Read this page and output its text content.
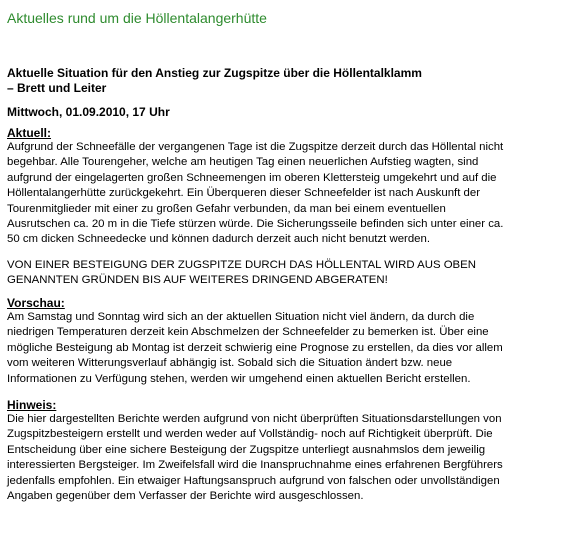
Aktuelles rund um die Höllentalangerhütte
Aktuelle Situation für den Anstieg zur Zugspitze über die Höllentalklamm
– Brett und Leiter
Mittwoch, 01.09.2010, 17 Uhr
Aktuell:

Aufgrund der Schneefälle der vergangenen Tage ist die Zugspitze derzeit durch das Höllental nicht
begehbar. Alle Tourengeher, welche am heutigen Tag einen neuerlichen Aufstieg wagten, sind
aufgrund der eingelagerten großen Schneemengen im oberen Klettersteig umgekehrt und auf die
Höllentalangerhütte zurückgekehrt. Ein Überqueren dieser Schneefelder ist nach Auskunft der
Tourenmitglieder mit einer zu großen Gefahr verbunden, da man bei einem eventuellen
Ausrutschen ca. 20 m in die Tiefe stürzen würde. Die Sicherungsseile befinden sich unter einer ca.
50 cm dicken Schneedecke und können dadurch derzeit auch nicht benutzt werden.

VON EINER BESTEIGUNG DER ZUGSPITZE DURCH DAS HÖLLENTAL WIRD AUS OBEN
GENANNTEN GRÜNDEN BIS AUF WEITERES DRINGEND ABGERATEN!

Vorschau:

Am Samstag und Sonntag wird sich an der aktuellen Situation nicht viel ändern, da durch die
niedrigen Temperaturen derzeit kein Abschmelzen der Schneefelder zu bemerken ist. Über eine
mögliche Besteigung ab Montag ist derzeit schwierig eine Prognose zu erstellen, da dies vor allem
vom weiteren Witterungsverlauf abhängig ist. Sobald sich die Situation ändert bzw. neue
Informationen zu Verfügung stehen, werden wir umgehend einen aktuellen Bericht erstellen.

Hinweis:

Die hier dargestellten Berichte werden aufgrund von nicht überprüften Situationsdarstellungen von
Zugspitzbesteigern erstellt und werden weder auf Vollständig- noch auf Richtigkeit überprüft. Die
Entscheidung über eine sichere Besteigung der Zugspitze unterliegt ausnahmslos dem jeweilig
interessierten Bergsteiger. Im Zweifelsfall wird die Inanspruchnahme eines erfahrenen Bergführers
jedenfalls empfohlen. Ein etwaiger Haftungsanspruch aufgrund von falschen oder unvollständigen
Angaben gegenüber dem Verfasser der Berichte wird ausgeschlossen.
